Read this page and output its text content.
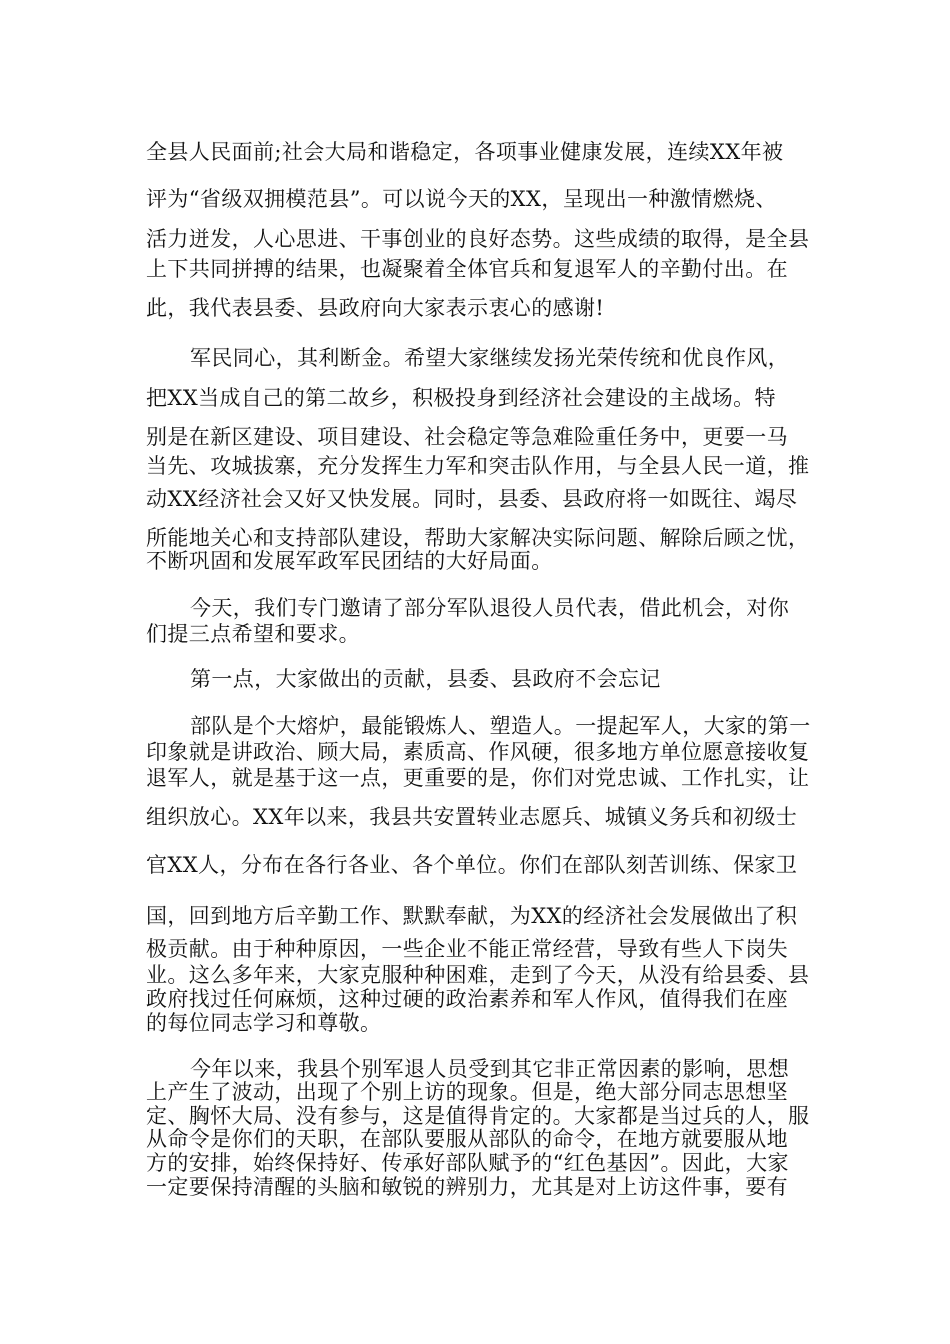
全县人民面前;社会大局和谐稳定，各项事业健康发展，连续XX年被
评为“省级双拥模范县”。可以说今天的XX，呈现出一种激情燃烧、
活力迸发，人心思进、干事创业的良好态势。这些成绩的取得，是全县
上下共同拼搏的结果，也凝聚着全体官兵和复退军人的辛勤付出。在
此，我代表县委、县政府向大家表示衷心的感谢!
军民同心，其利断金。希望大家继续发扬光荣传统和优良作风，
把XX当成自己的第二故乡，积极投身到经济社会建设的主战场。特
别是在新区建设、项目建设、社会稳定等急难险重任务中，更要一马
当先、攻城拔寨，充分发挥生力军和突击队作用，与全县人民一道，推
动XX经济社会又好又快发展。同时，县委、县政府将一如既往、竭尽
所能地关心和支持部队建设，帮助大家解决实际问题、解除后顾之忧，
不断巩固和发展军政军民团结的大好局面。
今天，我们专门邀请了部分军队退役人员代表，借此机会，对你
们提三点希望和要求。
第一点，大家做出的贡献，县委、县政府不会忘记
部队是个大熔炉，最能锻炼人、塑造人。一提起军人，大家的第一
印象就是讲政治、顾大局，素质高、作风硬，很多地方单位愿意接收复
退军人，就是基于这一点，更重要的是，你们对党忠诚、工作扎实，让
组织放心。XX年以来，我县共安置转业志愿兵、城镇义务兵和初级士
官XX人，分布在各行各业、各个单位。你们在部队刻苦训练、保家卫
国，回到地方后辛勤工作、默默奉献，为XX的经济社会发展做出了积
极贡献。由于种种原因，一些企业不能正常经营，导致有些人下岗失
业。这么多年来，大家克服种种困难，走到了今天，从没有给县委、县
政府找过任何麻烦，这种过硬的政治素养和军人作风，值得我们在座
的每位同志学习和尊敬。
今年以来，我县个别军退人员受到其它非正常因素的影响，思想
上产生了波动，出现了个别上访的现象。但是，绝大部分同志思想坚
定、胸怀大局、没有参与，这是值得肯定的。大家都是当过兵的人，服
从命令是你们的天职，在部队要服从部队的命令，在地方就要服从地
方的安排，始终保持好、传承好部队赋予的“红色基因”。因此，大家
一定要保持清醒的头脑和敏锐的辨别力，尤其是对上访这件事，要有
